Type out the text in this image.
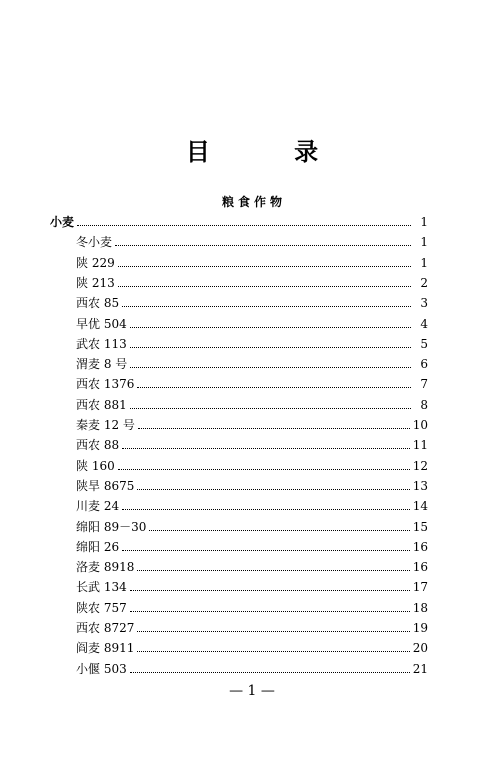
目 录
粮食作物
小麦	1
冬小麦	1
陕 229	1
陕 213	2
西农 85	3
早优 504	4
武农 113	5
渭麦 8 号	6
西农 1376	7
西农 881	8
秦麦 12 号	10
西农 88	11
陕 160	12
陕旱 8675	13
川麦 24	14
绵阳 89－30	15
绵阳 26	16
洛麦 8918	16
长武 134	17
陕农 757	18
西农 8727	19
阎麦 8911	20
小偃 503	21
— 1 —
